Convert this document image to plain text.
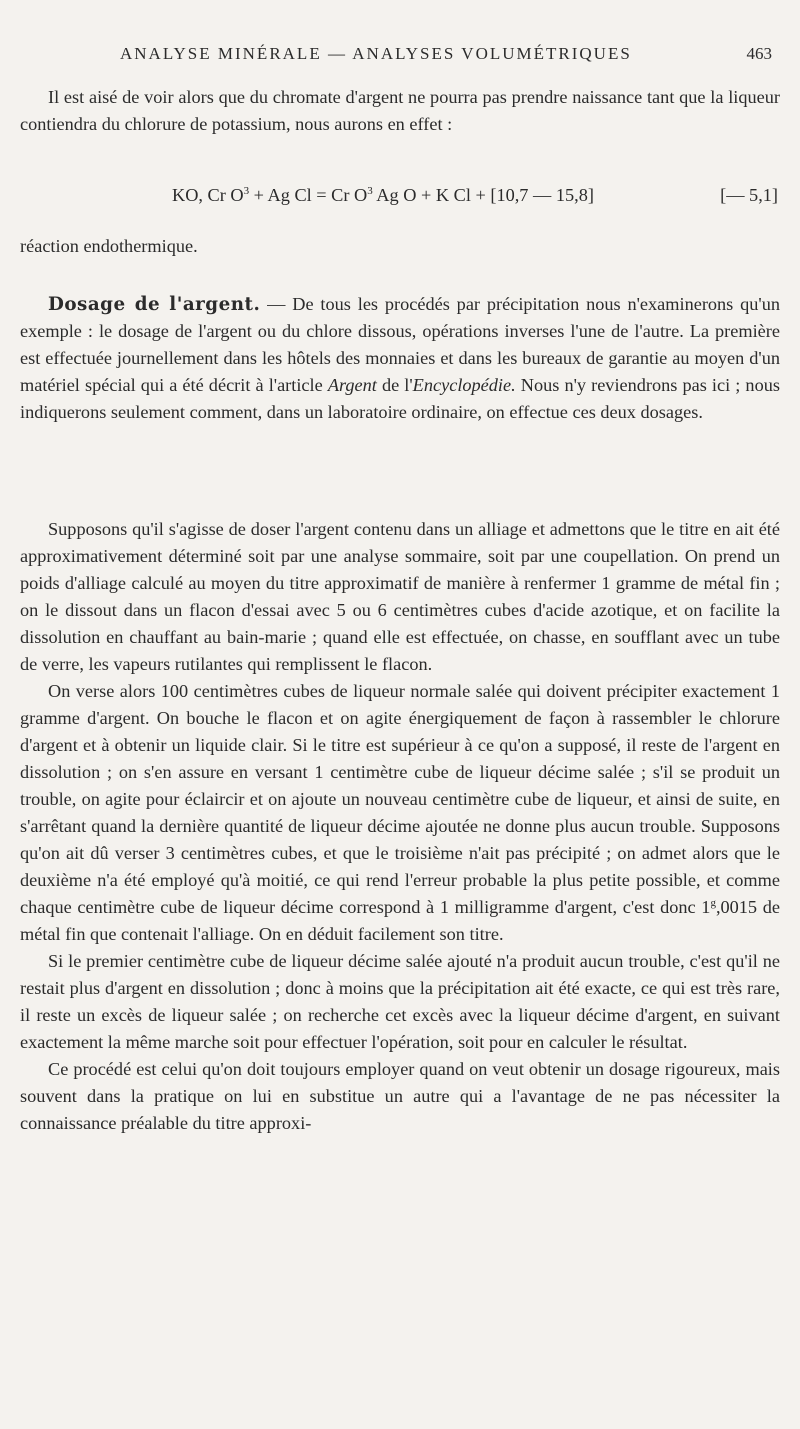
ANALYSE MINÉRALE — ANALYSES VOLUMÉTRIQUES	463

Il est aisé de voir alors que du chromate d'argent ne pourra pas prendre naissance tant que la liqueur contiendra du chlorure de potassium, nous aurons en effet :

KO, Cr $O^3 + Ag$ Cl = Cr $O^3$ Ag O + K Cl + [10,7 — 15,8]	[— 5,1]

réaction endothermique.

Dosage de l'argent. — De tous les procédés par précipitation nous n'examinerons qu'un exemple : le dosage de l'argent ou du chlore dissous, opérations inverses l'une de l'autre. La première est effectuée journellement dans les hôtels des monnaies et dans les bureaux de garantie au moyen d'un matériel spécial qui a été décrit à l'article Argent de l'Encyclopédie. Nous n'y reviendrons pas ici ; nous indiquerons seulement comment, dans un laboratoire ordinaire, on effectue ces deux dosages.

Supposons qu'il s'agisse de doser l'argent contenu dans un alliage et admettons que le titre en ait été approximativement déterminé soit par une analyse sommaire, soit par une coupellation. On prend un poids d'alliage calculé au moyen du titre approximatif de manière à renfermer 1 gramme de métal fin ; on le dissout dans un flacon d'essai avec 5 ou 6 centimètres cubes d'acide azotique, et on facilite la dissolution en chauffant au bain-marie ; quand elle est effectuée, on chasse, en soufflant avec un tube de verre, les vapeurs rutilantes qui remplissent le flacon.

On verse alors 100 centimètres cubes de liqueur normale salée qui doivent précipiter exactement 1 gramme d'argent. On bouche le flacon et on agite énergiquement de façon à rassembler le chlorure d'argent et à obtenir un liquide clair. Si le titre est supérieur à ce qu'on a supposé, il reste de l'argent en dissolution ; on s'en assure en versant 1 centimètre cube de liqueur décime salée ; s'il se produit un trouble, on agite pour éclaircir et on ajoute un nouveau centimètre cube de liqueur, et ainsi de suite, en s'arrêtant quand la dernière quantité de liqueur décime ajoutée ne donne plus aucun trouble. Supposons qu'on ait dû verser 3 centimètres cubes, et que le troisième n'ait pas précipité ; on admet alors que le deuxième n'a été employé qu'à moitié, ce qui rend l'erreur probable la plus petite possible, et comme chaque centimètre cube de liqueur décime correspond à 1 milligramme d'argent, c'est donc 1$^g$,0015 de métal fin que contenait l'alliage. On en déduit facilement son titre.

Si le premier centimètre cube de liqueur décime salée ajouté n'a produit aucun trouble, c'est qu'il ne restait plus d'argent en dissolution ; donc à moins que la précipitation ait été exacte, ce qui est très rare, il reste un excès de liqueur salée ; on recherche cet excès avec la liqueur décime d'argent, en suivant exactement la même marche soit pour effectuer l'opération, soit pour en calculer le résultat.

Ce procédé est celui qu'on doit toujours employer quand on veut obtenir un dosage rigoureux, mais souvent dans la pratique on lui en substitue un autre qui a l'avantage de ne pas nécessiter la connaissance préalable du titre approxi-
